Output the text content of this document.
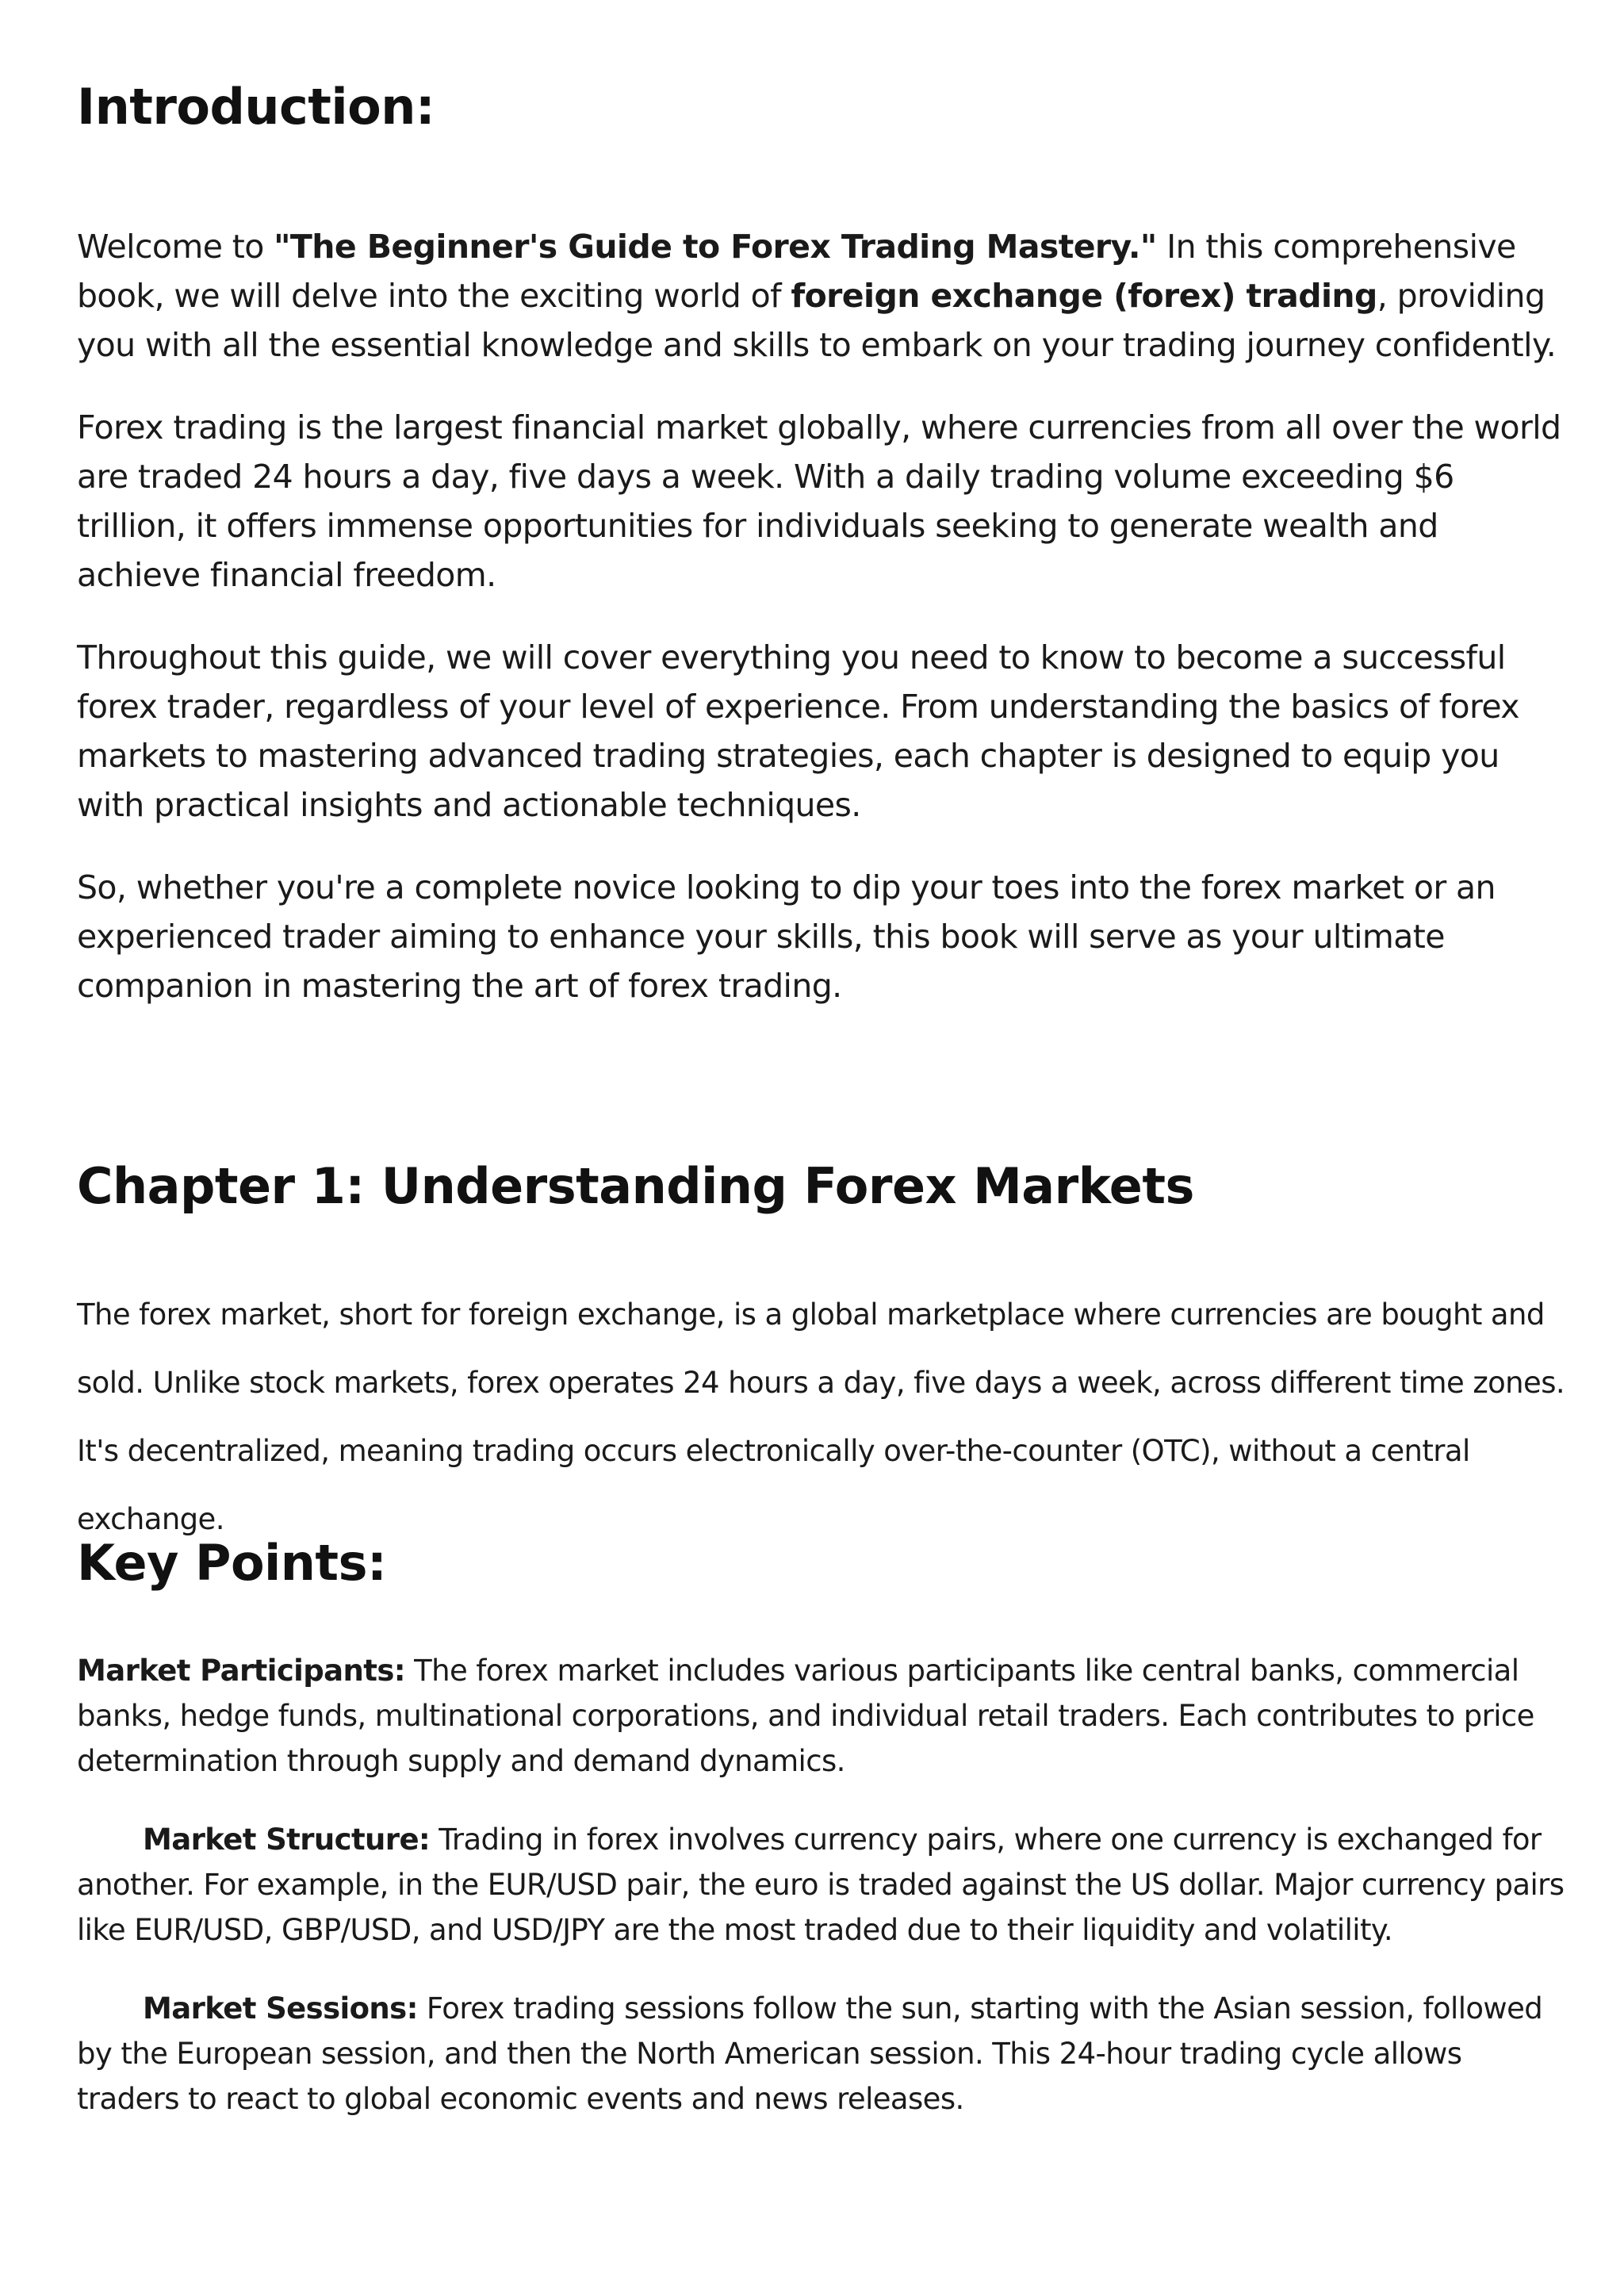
Introduction:

Welcome to "The Beginner's Guide to Forex Trading Mastery." In this comprehensive book, we will delve into the exciting world of foreign exchange (forex) trading, providing you with all the essential knowledge and skills to embark on your trading journey confidently.

Forex trading is the largest financial market globally, where currencies from all over the world are traded 24 hours a day, five days a week. With a daily trading volume exceeding $6 trillion, it offers immense opportunities for individuals seeking to generate wealth and achieve financial freedom.

Throughout this guide, we will cover everything you need to know to become a successful forex trader, regardless of your level of experience. From understanding the basics of forex markets to mastering advanced trading strategies, each chapter is designed to equip you with practical insights and actionable techniques.

So, whether you're a complete novice looking to dip your toes into the forex market or an experienced trader aiming to enhance your skills, this book will serve as your ultimate companion in mastering the art of forex trading.

Chapter 1: Understanding Forex Markets

The forex market, short for foreign exchange, is a global marketplace where currencies are bought and sold. Unlike stock markets, forex operates 24 hours a day, five days a week, across different time zones. It's decentralized, meaning trading occurs electronically over-the-counter (OTC), without a central exchange.

Key Points:

Market Participants: The forex market includes various participants like central banks, commercial banks, hedge funds, multinational corporations, and individual retail traders. Each contributes to price determination through supply and demand dynamics.

Market Structure: Trading in forex involves currency pairs, where one currency is exchanged for another. For example, in the EUR/USD pair, the euro is traded against the US dollar. Major currency pairs like EUR/USD, GBP/USD, and USD/JPY are the most traded due to their liquidity and volatility.

Market Sessions: Forex trading sessions follow the sun, starting with the Asian session, followed by the European session, and then the North American session. This 24-hour trading cycle allows traders to react to global economic events and news releases.
